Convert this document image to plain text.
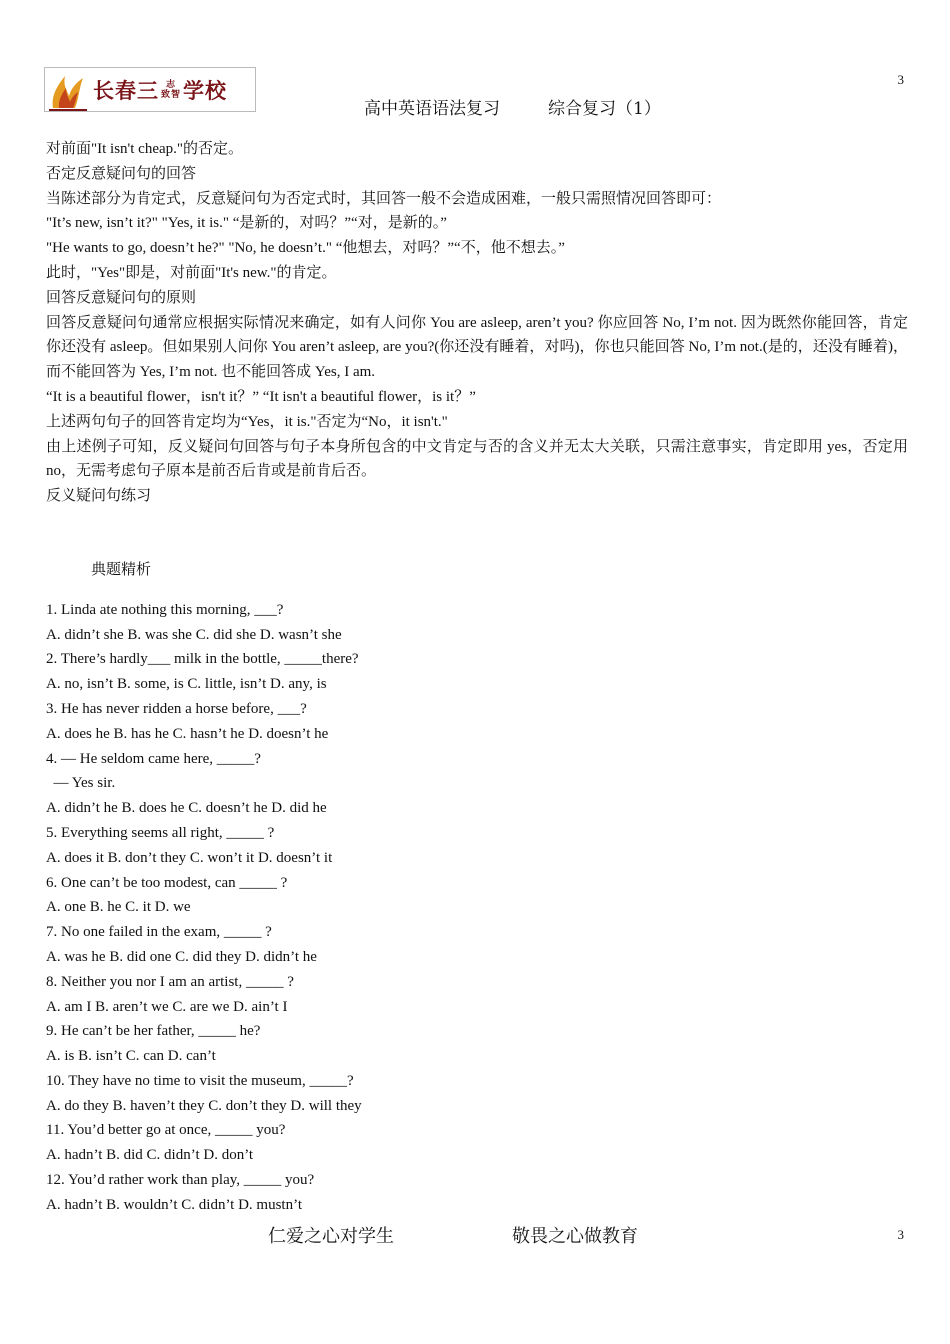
长春三 志
致智 学校	3
高中英语语法复习	综合复习（1）

对前面"It isn't cheap."的否定。

否定反意疑问句的回答

当陈述部分为肯定式，反意疑问句为否定式时，其回答一般不会造成困难，一般只需照情况回答即可：

"It’s new, isn’t it?" "Yes, it is." “是新的，对吗？”“对，是新的。”

"He wants to go, doesn’t he?" "No, he doesn’t." “他想去，对吗？”“不，他不想去。”

此时，"Yes"即是，对前面"It's new."的肯定。

回答反意疑问句的原则

回答反意疑问句通常应根据实际情况来确定，如有人问你 You are asleep, aren’t you? 你应回答 No, I’m not. 因为既然你能回答，肯定你还没有 asleep。但如果别人问你 You aren’t asleep, are you?(你还没有睡着，对吗)，你也只能回答 No, I’m not.(是的，还没有睡着)，而不能回答为 Yes, I’m not. 也不能回答成 Yes, I am.

“It is a beautiful flower，isn't it？” “It isn't a beautiful flower，is it？”

上述两句句子的回答肯定均为“Yes，it is."否定为“No，it isn't."

由上述例子可知，反义疑问句回答与句子本身所包含的中文肯定与否的含义并无太大关联，只需注意事实，肯定即用 yes，否定用 no，无需考虑句子原本是前否后肯或是前肯后否。

反义疑问句练习

典题精析

1. Linda ate nothing this morning, ___?

A. didn’t she B. was she C. did she D. wasn’t she

2. There’s hardly___ milk in the bottle, _____there?

A. no, isn’t B. some, is C. little, isn’t D. any, is

3. He has never ridden a horse before, ___?

A. does he B. has he C. hasn’t he D. doesn’t he

4. — He seldom came here, _____?

— Yes sir.

A. didn’t he B. does he C. doesn’t he D. did he

5. Everything seems all right, _____ ?

A. does it B. don’t they C. won’t it D. doesn’t it

6. One can’t be too modest, can _____ ?

A. one B. he C. it D. we

7. No one failed in the exam, _____ ?

A. was he B. did one C. did they D. didn’t he

8. Neither you nor I am an artist, _____ ?

A. am I B. aren’t we C. are we D. ain’t I

9. He can’t be her father, _____ he?

A. is B. isn’t C. can D. can’t

10. They have no time to visit the museum, _____?

A. do they B. haven’t they C. don’t they D. will they

11. You’d better go at once, _____ you?

A. hadn’t B. did C. didn’t D. don’t

12. You’d rather work than play, _____ you?

A. hadn’t B. wouldn’t C. didn’t D. mustn’t

仁爱之心对学生	敬畏之心做教育	3
